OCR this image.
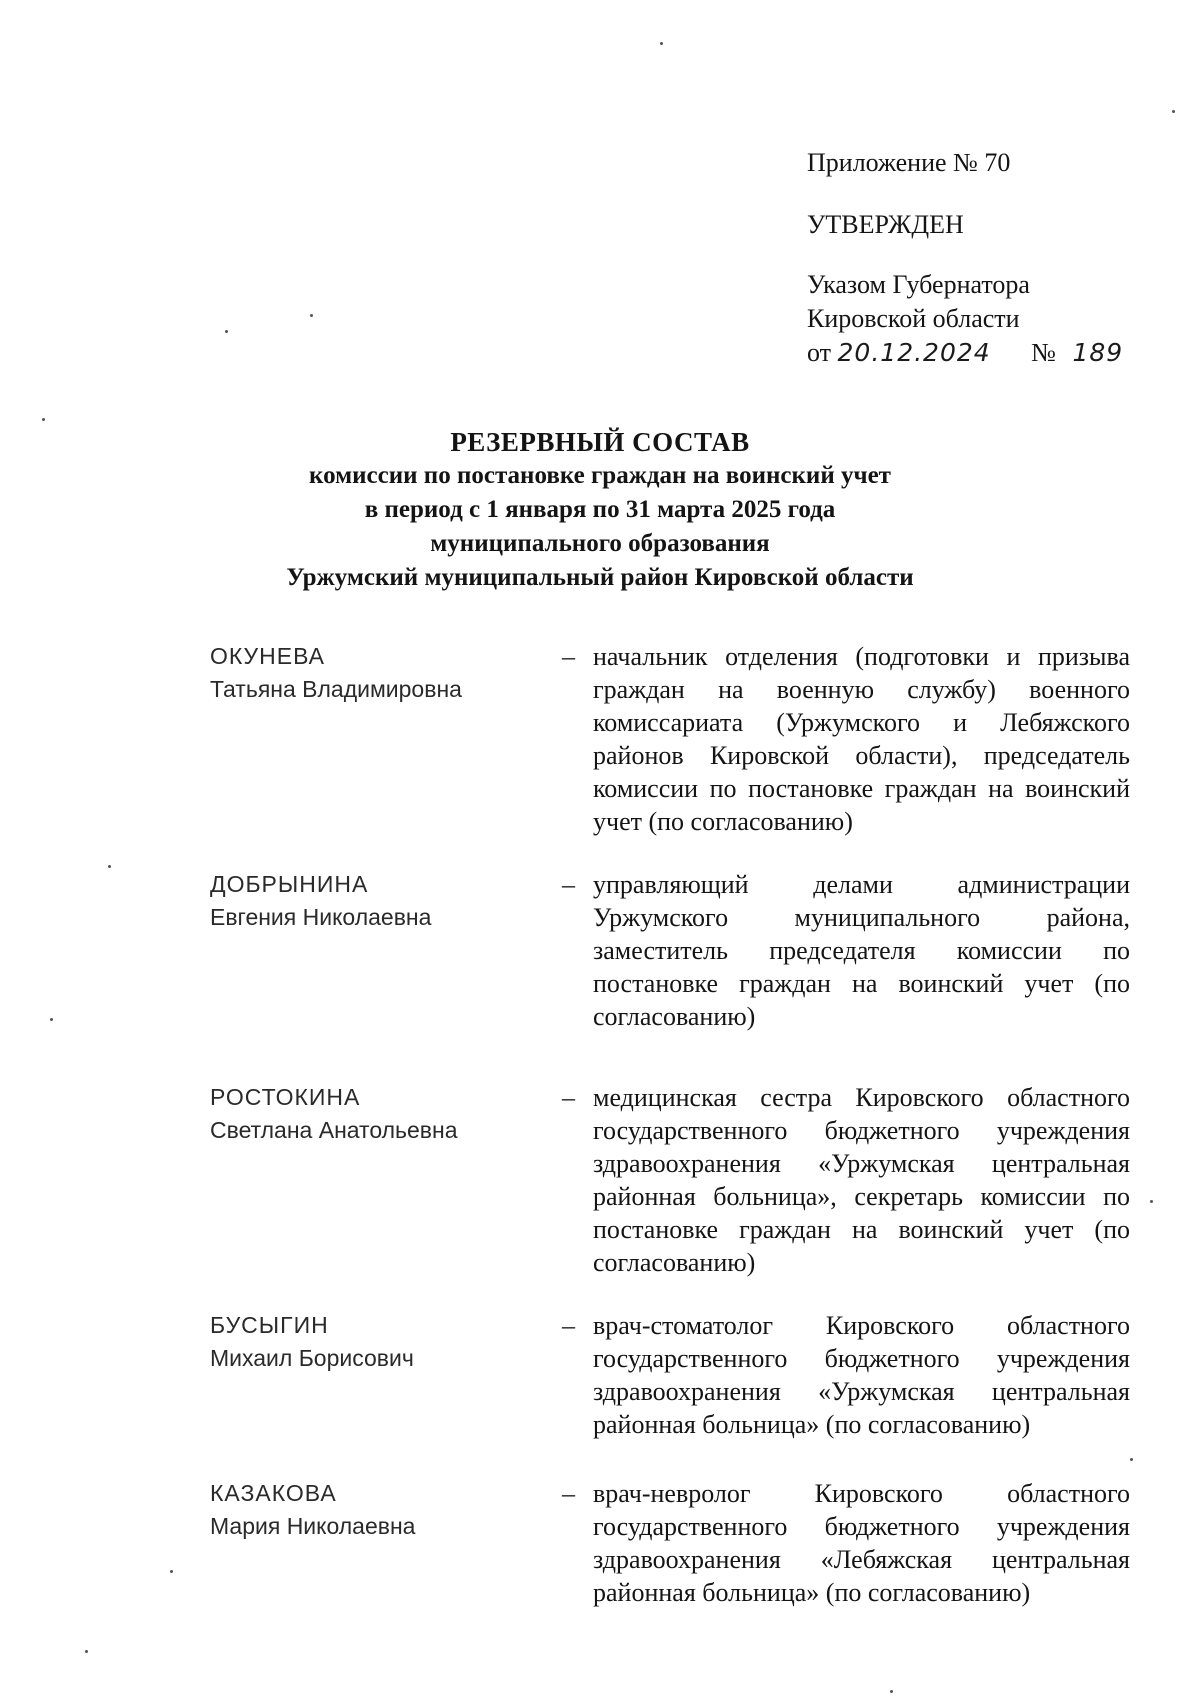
Приложение № 70
УТВЕРЖДЕН
Указом Губернатора
Кировской области
от 20.12.2024 № 189
РЕЗЕРВНЫЙ СОСТАВ
комиссии по постановке граждан на воинский учет
в период с 1 января по 31 марта 2025 года
муниципального образования
Уржумский муниципальный район Кировской области
ОКУНЕВА
Татьяна Владимировна
– начальник отделения (подготовки и призыва граждан на военную службу) военного комиссариата (Уржумского и Лебяжского районов Кировской области), председатель комиссии по постановке граждан на воинский учет (по согласованию)
ДОБРЫНИНА
Евгения Николаевна
– управляющий делами администрации Уржумского муниципального района, заместитель председателя комиссии по постановке граждан на воинский учет (по согласованию)
РОСТОКИНА
Светлана Анатольевна
– медицинская сестра Кировского областного государственного бюджетного учреждения здравоохранения «Уржумская центральная районная больница», секретарь комиссии по постановке граждан на воинский учет (по согласованию)
БУСЫГИН
Михаил Борисович
– врач-стоматолог Кировского областного государственного бюджетного учреждения здравоохранения «Уржумская центральная районная больница» (по согласованию)
КАЗАКОВА
Мария Николаевна
– врач-невролог Кировского областного государственного бюджетного учреждения здравоохранения «Лебяжская центральная районная больница» (по согласованию)
